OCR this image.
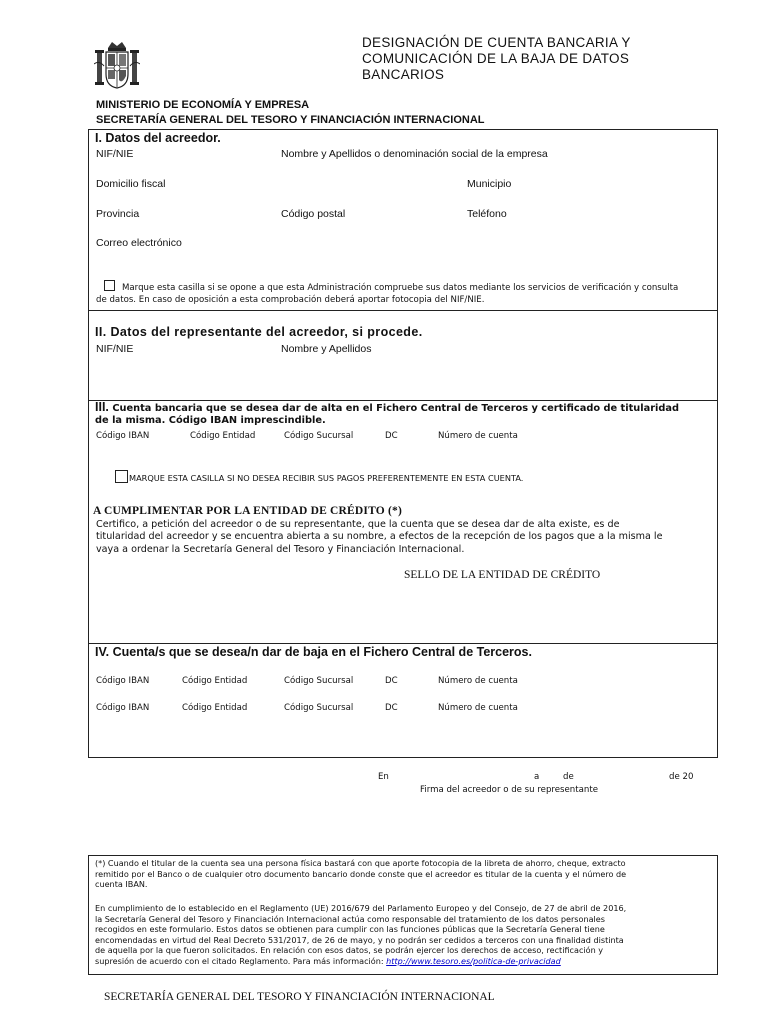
DESIGNACIÓN DE CUENTA BANCARIA Y
COMUNICACIÓN DE LA BAJA DE DATOS
BANCARIOS
MINISTERIO DE ECONOMÍA Y EMPRESA
SECRETARÍA GENERAL DEL TESORO Y FINANCIACIÓN INTERNACIONAL
I. Datos del acreedor.
NIF/NIE	Nombre y Apellidos o denominación social de la empresa
Domicilio fiscal	Municipio
Provincia	Código postal	Teléfono
Correo electrónico
Marque esta casilla si se opone a que esta Administración compruebe sus datos mediante los servicios de verificación y consulta
de datos. En caso de oposición a esta comprobación deberá aportar fotocopia del NIF/NIE.
II. Datos del representante del acreedor, si procede.
NIF/NIE	Nombre y Apellidos
III. Cuenta bancaria que se desea dar de alta en el Fichero Central de Terceros y certificado de titularidad
de la misma. Código IBAN imprescindible.
Código IBAN	Código Entidad	Código Sucursal	DC	Número de cuenta
MARQUE ESTA CASILLA SI NO DESEA RECIBIR SUS PAGOS PREFERENTEMENTE EN ESTA CUENTA.
A CUMPLIMENTAR POR LA ENTIDAD DE CRÉDITO (*)
Certifico, a petición del acreedor o de su representante, que la cuenta que se desea dar de alta existe, es de
titularidad del acreedor y se encuentra abierta a su nombre, a efectos de la recepción de los pagos que a la misma le
vaya a ordenar la Secretaría General del Tesoro y Financiación Internacional.
SELLO DE LA ENTIDAD DE CRÉDITO
IV. Cuenta/s que se desea/n dar de baja en el Fichero Central de Terceros.
Código IBAN	Código Entidad	Código Sucursal	DC	Número de cuenta
Código IBAN	Código Entidad	Código Sucursal	DC	Número de cuenta
En	a	de	de 20
Firma del acreedor o de su representante

(*) Cuando el titular de la cuenta sea una persona física bastará con que aporte fotocopia de la libreta de ahorro, cheque, extracto

remitido por el Banco o de cualquier otro documento bancario donde conste que el acreedor es titular de la cuenta y el número de

cuenta IBAN.

En cumplimiento de lo establecido en el Reglamento (UE) 2016/679 del Parlamento Europeo y del Consejo, de 27 de abril de 2016,

la Secretaría General del Tesoro y Financiación Internacional actúa como responsable del tratamiento de los datos personales

recogidos en este formulario. Estos datos se obtienen para cumplir con las funciones públicas que la Secretaría General tiene

encomendadas en virtud del Real Decreto 531/2017, de 26 de mayo, y no podrán ser cedidos a terceros con una finalidad distinta

de aquella por la que fueron solicitados. En relación con esos datos, se podrán ejercer los derechos de acceso, rectificación y

supresión de acuerdo con el citado Reglamento. Para más información: http://www.tesoro.es/politica-de-privacidad

SECRETARÍA GENERAL DEL TESORO Y FINANCIACIÓN INTERNACIONAL
